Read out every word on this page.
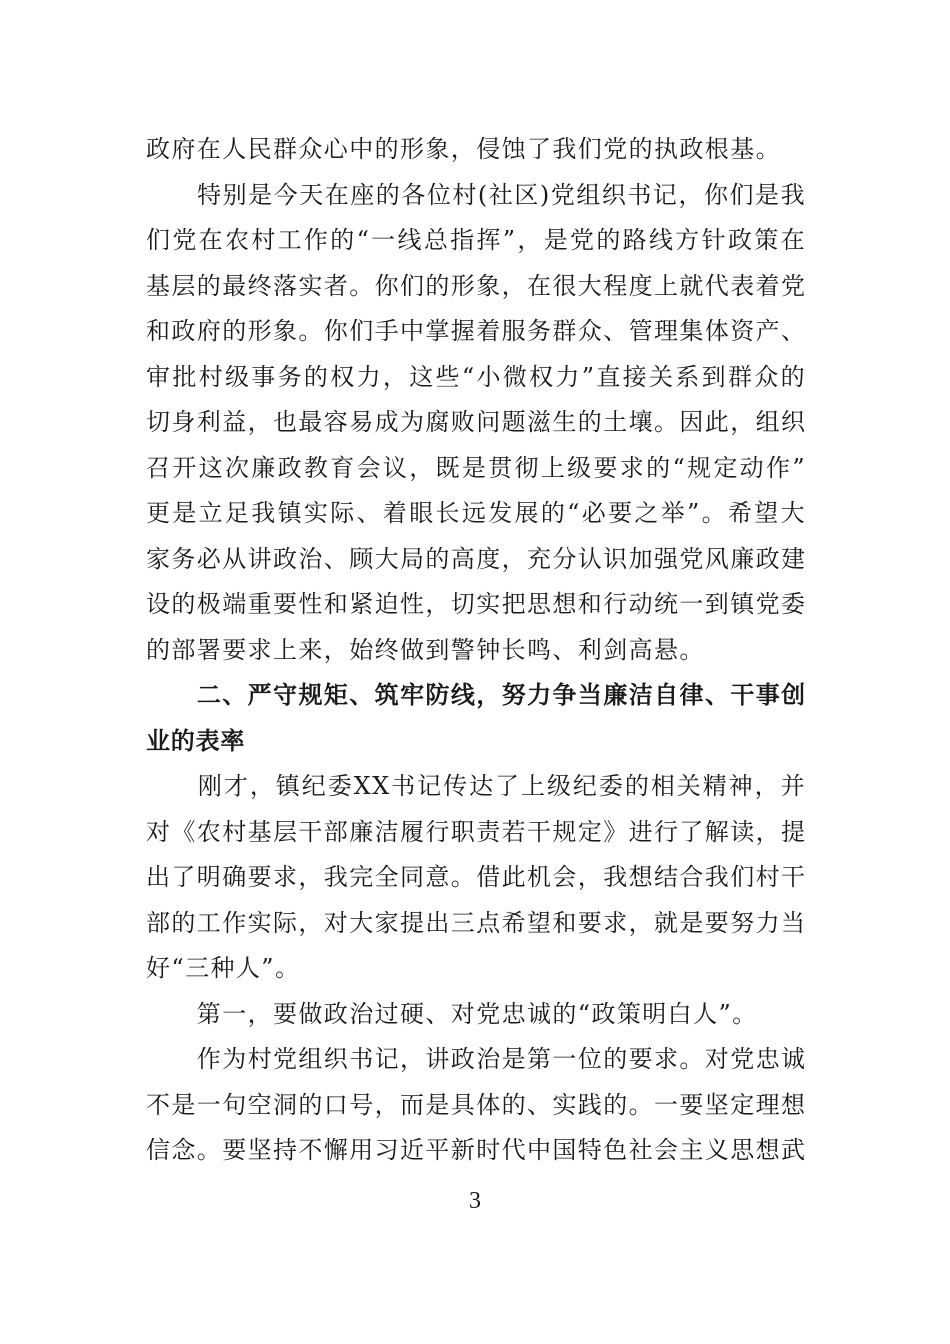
政府在人民群众心中的形象，侵蚀了我们党的执政根基。
　　特别是今天在座的各位村(社区)党组织书记，你们是我
们党在农村工作的“一线总指挥”，是党的路线方针政策在
基层的最终落实者。你们的形象，在很大程度上就代表着党
和政府的形象。你们手中掌握着服务群众、管理集体资产、
审批村级事务的权力，这些“小微权力”直接关系到群众的
切身利益，也最容易成为腐败问题滋生的土壤。因此，组织
召开这次廉政教育会议，既是贯彻上级要求的“规定动作”
更是立足我镇实际、着眼长远发展的“必要之举”。希望大
家务必从讲政治、顾大局的高度，充分认识加强党风廉政建
设的极端重要性和紧迫性，切实把思想和行动统一到镇党委
的部署要求上来，始终做到警钟长鸣、利剑高悬。
　　二、严守规矩、筑牢防线，努力争当廉洁自律、干事创
业的表率
　　刚才，镇纪委XX书记传达了上级纪委的相关精神，并
对《农村基层干部廉洁履行职责若干规定》进行了解读，提
出了明确要求，我完全同意。借此机会，我想结合我们村干
部的工作实际，对大家提出三点希望和要求，就是要努力当
好“三种人”。
　　第一，要做政治过硬、对党忠诚的“政策明白人”。
　　作为村党组织书记，讲政治是第一位的要求。对党忠诚
不是一句空洞的口号，而是具体的、实践的。一要坚定理想
信念。要坚持不懈用习近平新时代中国特色社会主义思想武
3
